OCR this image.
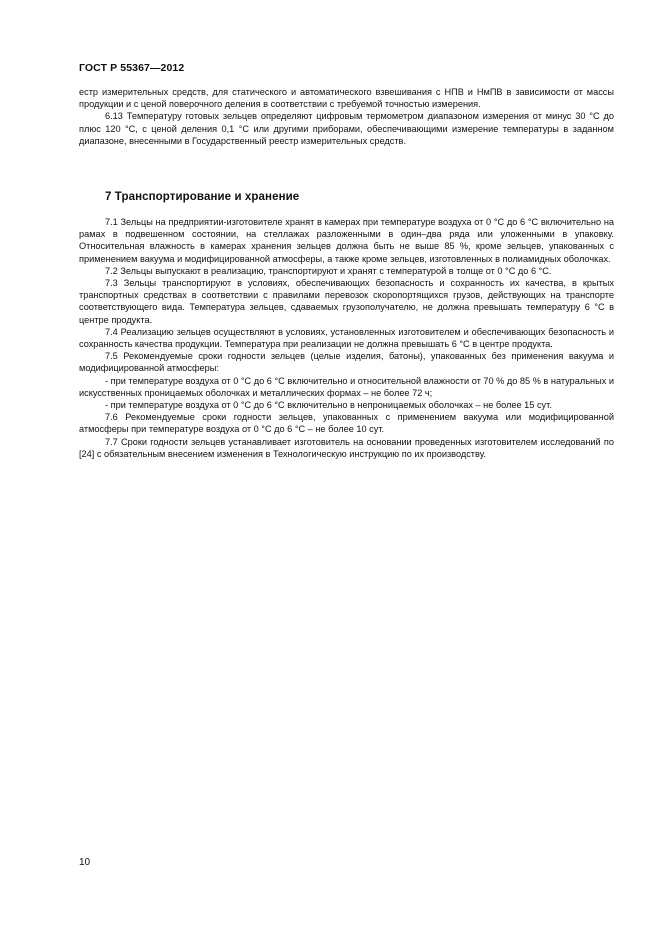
ГОСТ Р 55367—2012

естр измерительных средств, для статического и автоматического взвешивания с НПВ и НмПВ в зависимости от массы продукции и с ценой поверочного деления в соответствии с требуемой точностью измерения.

6.13 Температуру готовых зельцев определяют цифровым термометром диапазоном измерения от минус 30 °С до плюс 120 °С, с ценой деления 0,1 °С или другими приборами, обеспечивающими измерение температуры в заданном диапазоне, внесенными в Государственный реестр измерительных средств.

7 Транспортирование и хранение

7.1 Зельцы на предприятии-изготовителе хранят в камерах при температуре воздуха от 0 °С до 6 °С включительно на рамах в подвешенном состоянии, на стеллажах разложенными в один–два ряда или уложенными в упаковку. Относительная влажность в камерах хранения зельцев должна быть не выше 85 %, кроме зельцев, упакованных с применением вакуума и модифицированной атмосферы, а также кроме зельцев, изготовленных в полиамидных оболочках.

7.2 Зельцы выпускают в реализацию, транспортируют и хранят с температурой в толще от 0 °С до 6 °С.

7.3 Зельцы транспортируют в условиях, обеспечивающих безопасность и сохранность их качества, в крытых транспортных средствах в соответствии с правилами перевозок скоропортящихся грузов, действующих на транспорте соответствующего вида. Температура зельцев, сдаваемых грузополучателю, не должна превышать температуру 6 °С в центре продукта.

7.4 Реализацию зельцев осуществляют в условиях, установленных изготовителем и обеспечивающих безопасность и сохранность качества продукции. Температура при реализации не должна превышать 6 °С в центре продукта.

7.5 Рекомендуемые сроки годности зельцев (целые изделия, батоны), упакованных без применения вакуума и модифицированной атмосферы:

- при температуре воздуха от 0 °С до 6 °С включительно и относительной влажности от 70 % до 85 % в натуральных и искусственных проницаемых оболочках и металлических формах – не более 72 ч;

- при температуре воздуха от 0 °С до 6 °С включительно в непроницаемых оболочках – не более 15 сут.

7.6 Рекомендуемые сроки годности зельцев, упакованных с применением вакуума или модифицированной атмосферы при температуре воздуха от 0 °С до 6 °С – не более 10 сут.

7.7 Сроки годности зельцев устанавливает изготовитель на основании проведенных изготовителем исследований по [24] с обязательным внесением изменения в Технологическую инструкцию по их производству.

10
